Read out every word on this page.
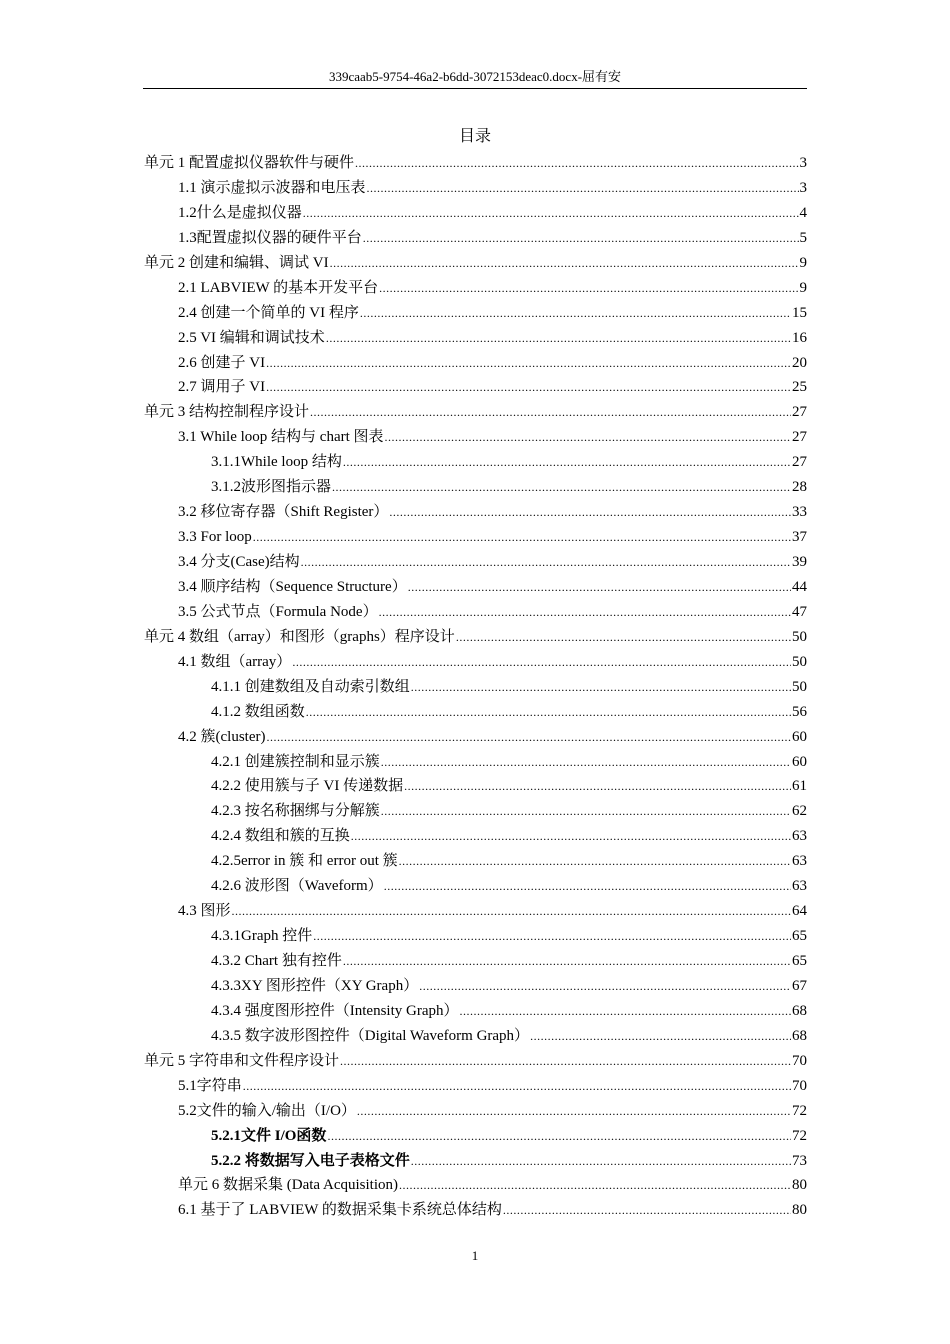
339caab5-9754-46a2-b6dd-3072153deac0.docx-屈有安
目录
单元 1 配置虚拟仪器软件与硬件 .....	3
1.1 演示虚拟示波器和电压表 .....	3
1.2什么是虚拟仪器 .....	4
1.3配置虚拟仪器的硬件平台 .....	5
单元 2 创建和编辑、调试 VI .....	9
2.1 LABVIEW 的基本开发平台 .....	9
2.4 创建一个简单的 VI 程序 .....	15
2.5 VI 编辑和调试技术 .....	16
2.6 创建子 VI .....	20
2.7 调用子 VI .....	25
单元 3 结构控制程序设计 .....	27
3.1 While loop 结构与 chart 图表 .....	27
3.1.1While loop 结构 .....	27
3.1.2波形图指示器 .....	28
3.2 移位寄存器（Shift Register） .....	33
3.3 For loop .....	37
3.4 分支(Case)结构 .....	39
3.4 顺序结构（Sequence Structure） .....	44
3.5 公式节点（Formula Node） .....	47
单元 4 数组（array）和图形（graphs）程序设计 .....	50
4.1 数组（array） .....	50
4.1.1 创建数组及自动索引数组 .....	50
4.1.2 数组函数 .....	56
4.2 簇(cluster) .....	60
4.2.1 创建簇控制和显示簇 .....	60
4.2.2 使用簇与子 VI 传递数据 .....	61
4.2.3 按名称捆绑与分解簇 .....	62
4.2.4 数组和簇的互换 .....	63
4.2.5error in 簇 和 error out 簇 .....	63
4.2.6 波形图（Waveform） .....	63
4.3 图形 .....	64
4.3.1Graph 控件 .....	65
4.3.2 Chart 独有控件 .....	65
4.3.3XY 图形控件（XY Graph） .....	67
4.3.4 强度图形控件（Intensity Graph） .....	68
4.3.5 数字波形图控件（Digital Waveform Graph） .....	68
单元 5 字符串和文件程序设计 .....	70
5.1字符串 .....	70
5.2文件的输入/输出（I/O） .....	72
5.2.1文件 I/O函数 .....	72
5.2.2 将数据写入电子表格文件 .....	73
单元 6 数据采集 (Data Acquisition) .....	80
6.1 基于了 LABVIEW 的数据采集卡系统总体结构 .....	80
1
